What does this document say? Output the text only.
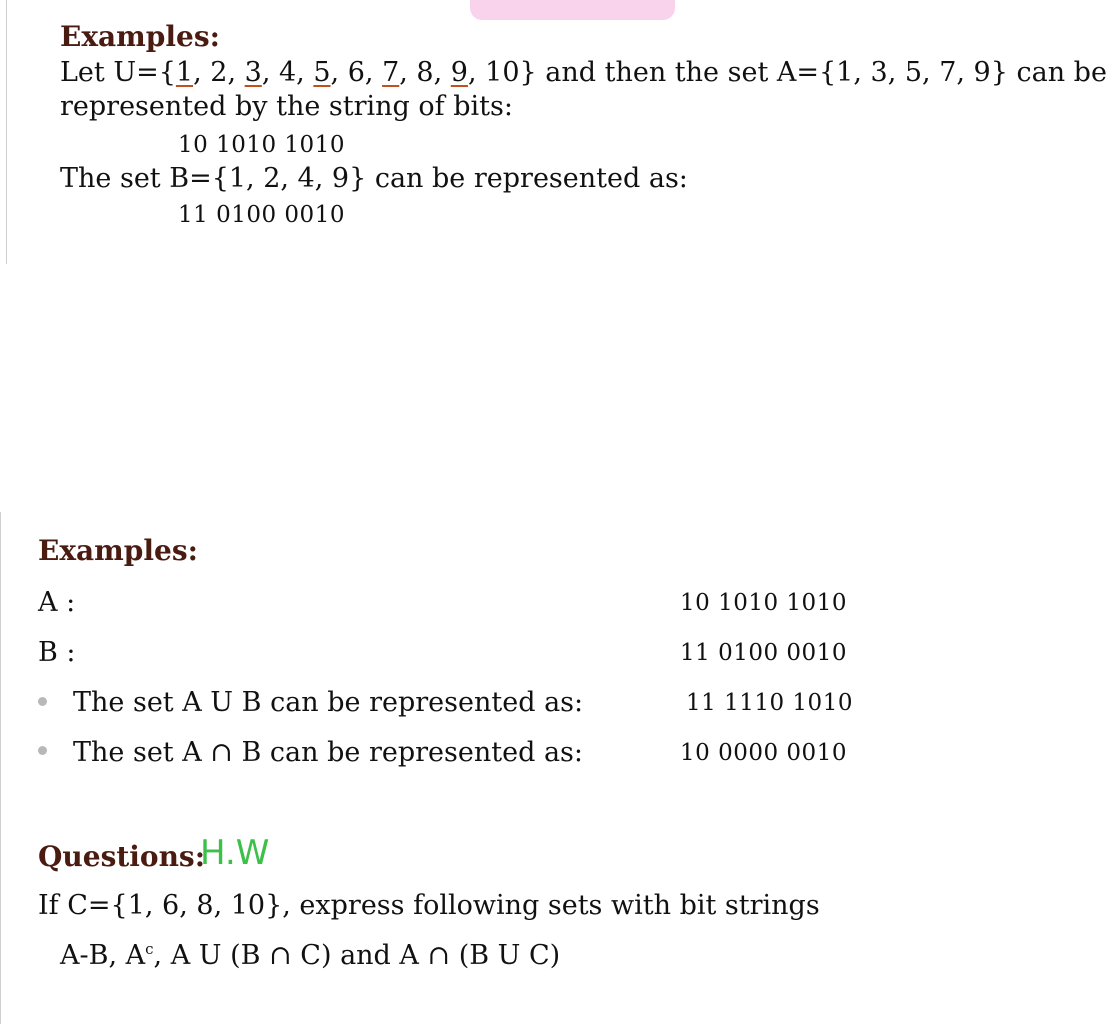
Examples:
Let U={1, 2, 3, 4, 5, 6, 7, 8, 9, 10} and then the set A={1, 3, 5, 7, 9} can be
represented by the string of bits:
10 1010 1010
The set B={1, 2, 4, 9} can be represented as:
11 0100 0010
Examples:
A :	10 1010 1010
B :	11 0100 0010
The set A U B can be represented as:	11 1110 1010
The set A ∩ B can be represented as:	10 0000 0010
Questions:
H.W
If C={1, 6, 8, 10}, express following sets with bit strings
A-B, $A^c$, A U (B ∩ C) and A ∩ (B U C)
